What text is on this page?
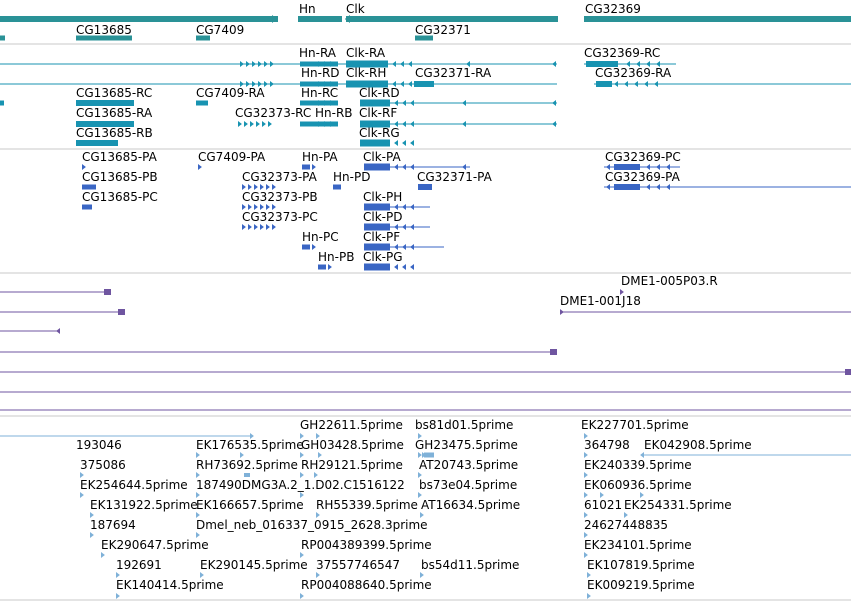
Hn	Clk	CG32369
CG13685	CG7409	CG32371
Hn-RA Clk-RA	CG32369-RC
Hn-RD Clk-RH CG32371-RA	CG32369-RA
CG13685-RC	CG7409-RA	Hn-RC Clk-RD
CG13685-RA	CG32373-RC Hn-RB Clk-RF
CG13685-RB	Clk-RG
CG13685-PA	CG7409-PA	Hn-PA Clk-PA	CG32369-PC
CG13685-PB	CG32373-PA Hn-PD	CG32371-PA	CG32369-PA
CG13685-PC	CG32373-PB	Clk-PH
CG32373-PC	Clk-PD
Hn-PC Clk-PF
Hn-PB Clk-PG
DME1-005P03.R
DME1-001J18
GH22611.5prime bs81d01.5prime	EK227701.5prime
193046	EK176535.5prime
GH03428.5prime GH23475.5prime	364798 EK042908.5prime
375086	RH73692.5prime RH29121.5prime AT20743.5prime	EK240339.5prime
EK254644.5prime 187490DMG3A.2_1.D02.C1 516122 bs73e04.5prime	EK060936.5prime
EK131922.5prime
EK166657.5prime RH55339.5prime AT16634.5prime	61021 EK254331.5prime
187694	Dmel_neb_016337_0915_2628.3prime	24627448835
EK290647.5prime	RP004389399.5prime	EK234101.5prime
192691	EK290145.5prime 37557746547 bs54d11.5prime	EK107819.5prime
EK140414.5prime	RP004088640.5prime	EK009219.5prime
